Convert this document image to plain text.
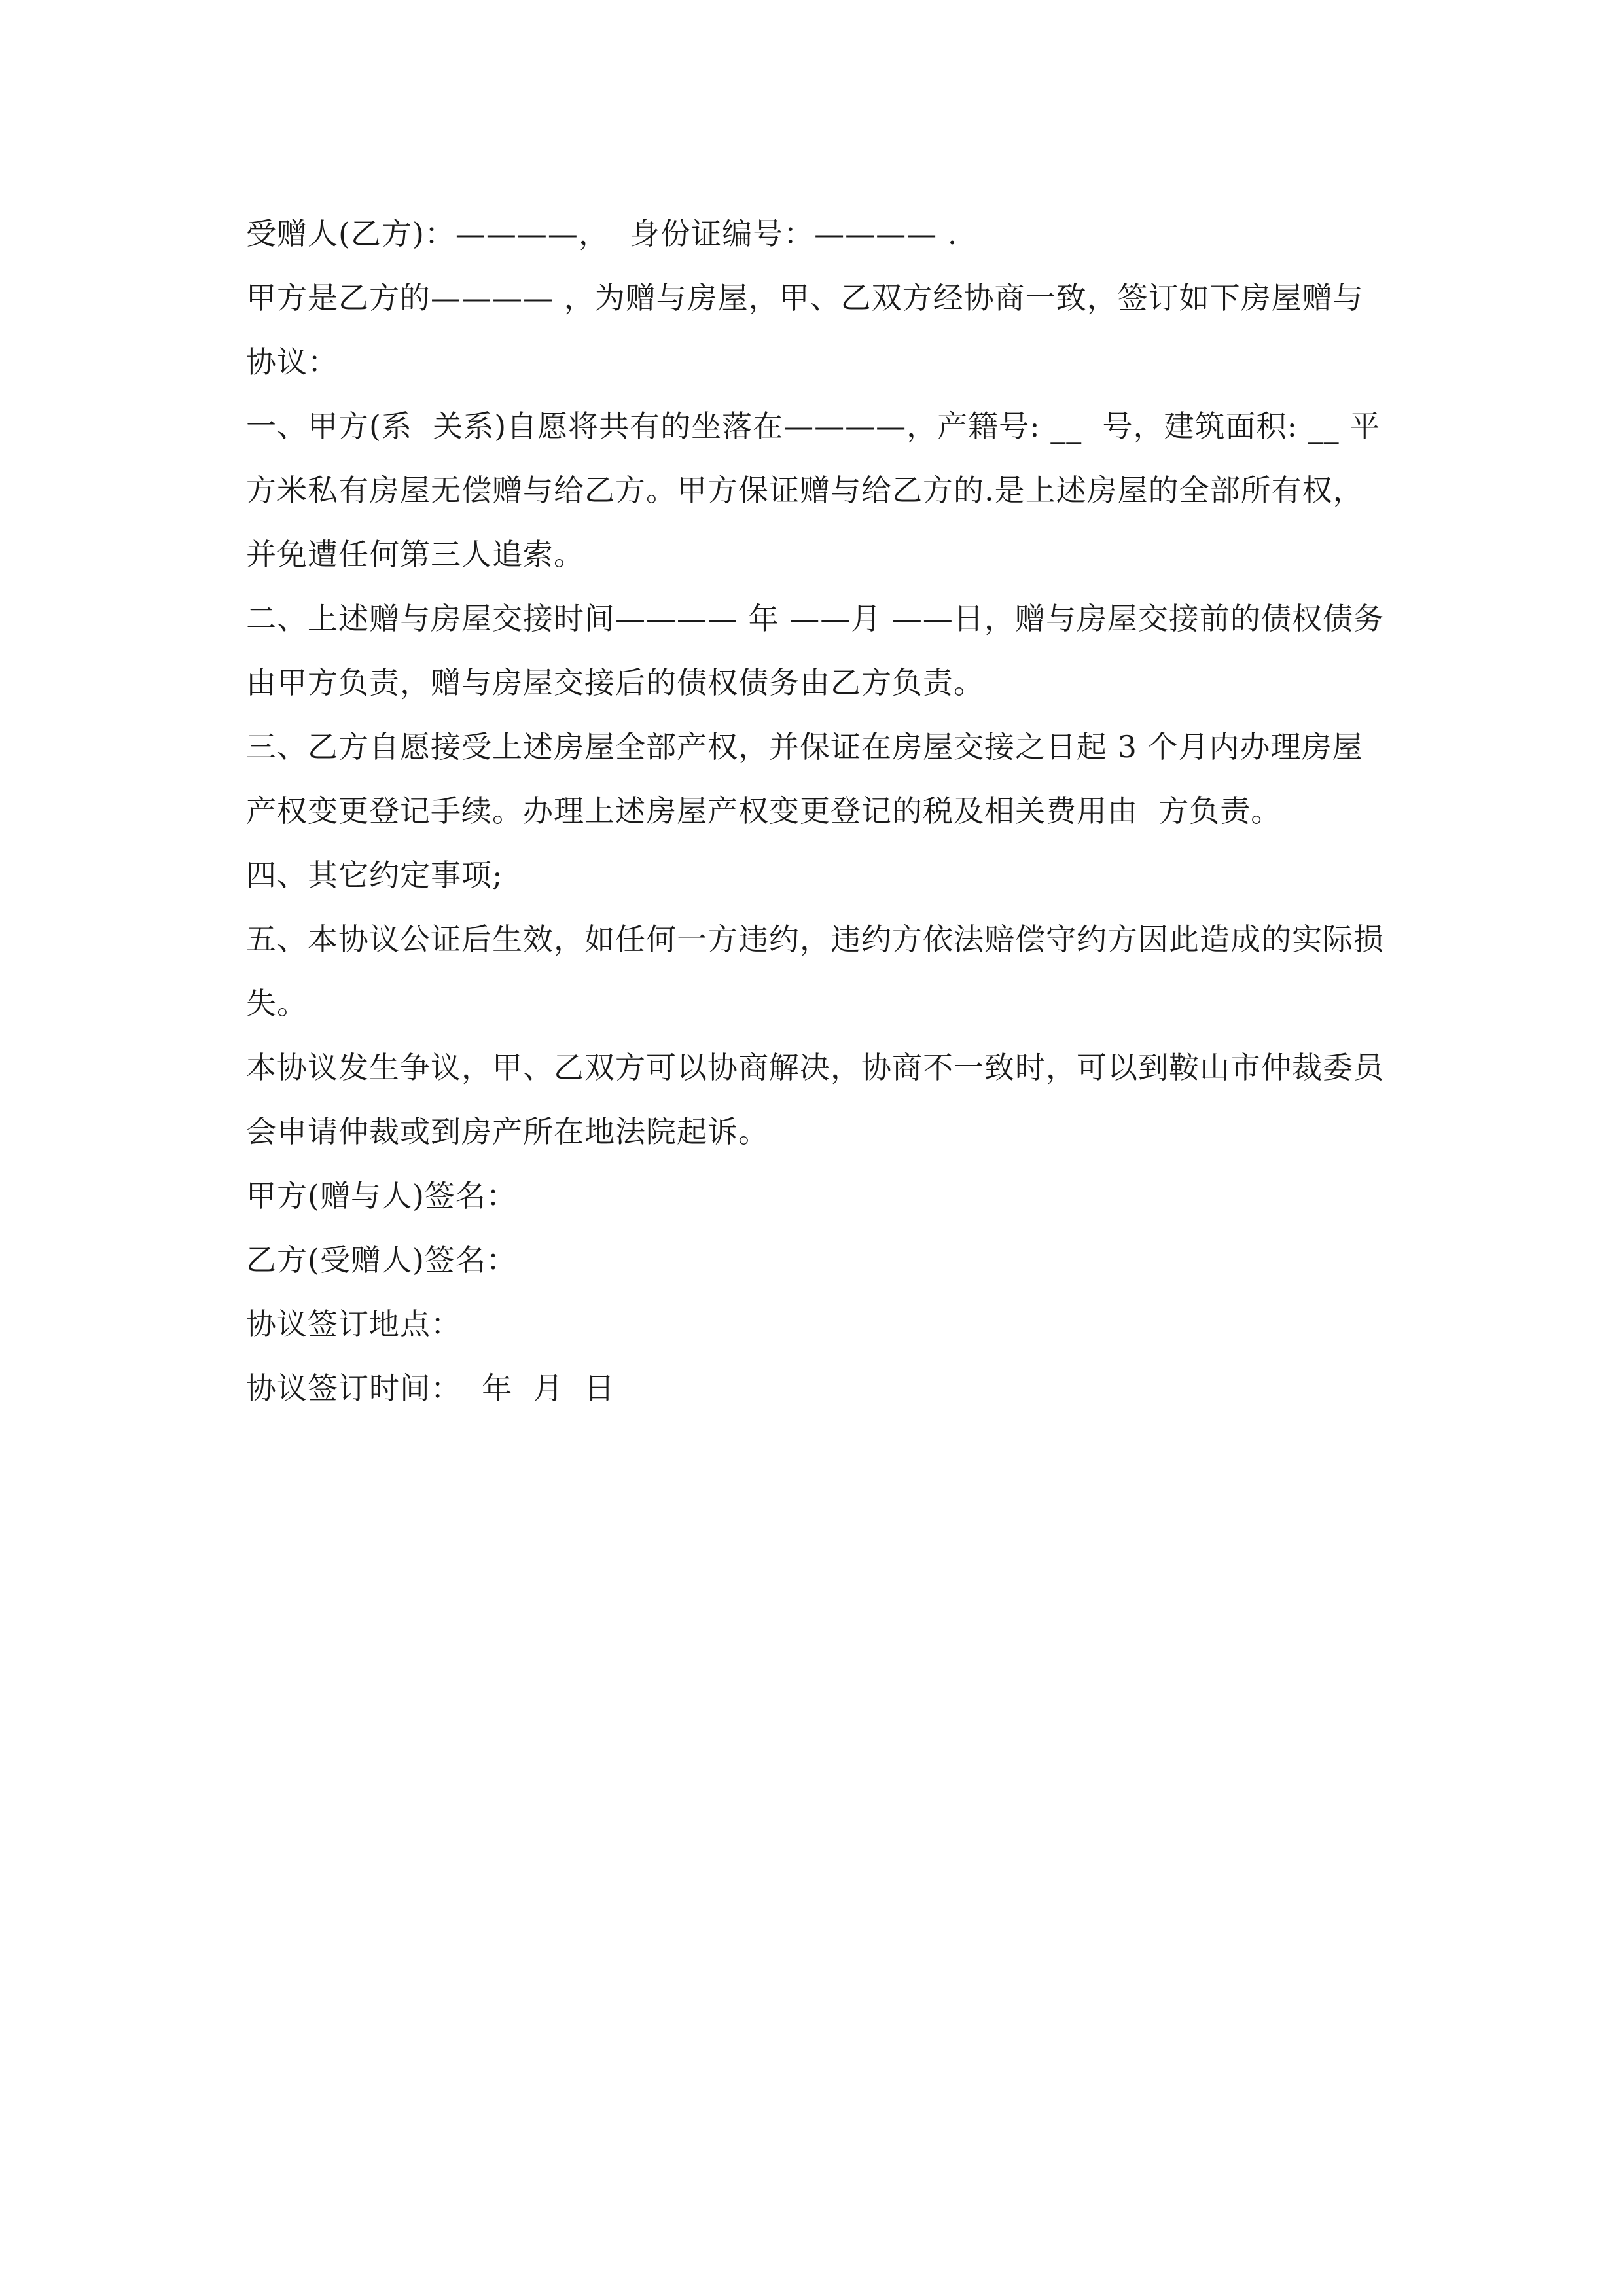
受赠人(乙方)：————，  身份证编号：———— .

甲方是乙方的———— ，为赠与房屋，甲、乙双方经协商一致，签订如下房屋赠与协议：

一、甲方(系  关系)自愿将共有的坐落在————，产籍号: __  号，建筑面积: __ 平方米私有房屋无偿赠与给乙方。甲方保证赠与给乙方的.是上述房屋的全部所有权，并免遭任何第三人追索。

二、上述赠与房屋交接时间———— 年 ——月 ——日，赠与房屋交接前的债权债务由甲方负责，赠与房屋交接后的债权债务由乙方负责。

三、乙方自愿接受上述房屋全部产权，并保证在房屋交接之日起 3 个月内办理房屋产权变更登记手续。办理上述房屋产权变更登记的税及相关费用由  方负责。

四、其它约定事项;

五、本协议公证后生效，如任何一方违约，违约方依法赔偿守约方因此造成的实际损失。

本协议发生争议，甲、乙双方可以协商解决，协商不一致时，可以到鞍山市仲裁委员会申请仲裁或到房产所在地法院起诉。

甲方(赠与人)签名：

乙方(受赠人)签名：

协议签订地点：

协议签订时间：  年  月  日
